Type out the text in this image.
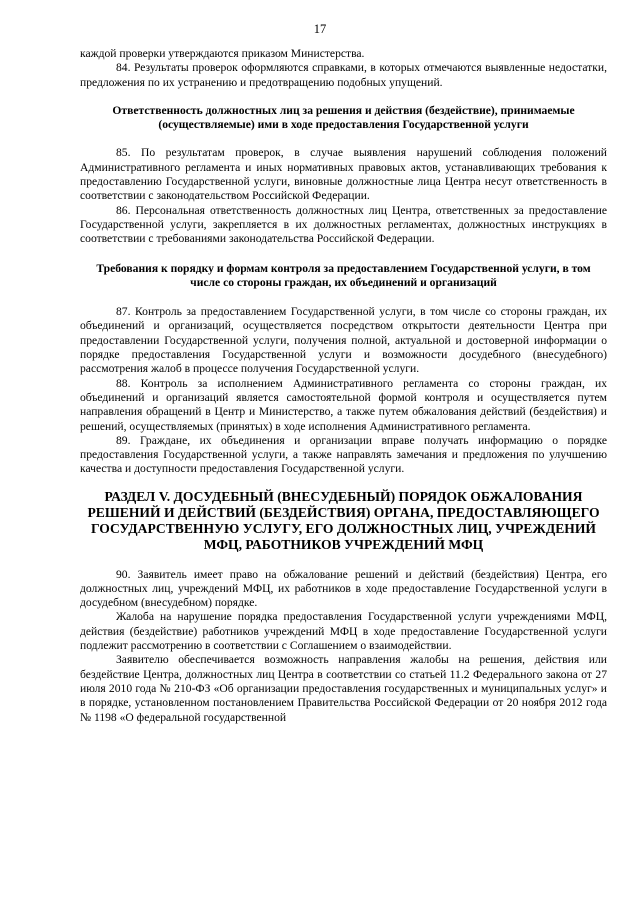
17

каждой проверки утверждаются приказом Министерства.

84. Результаты проверок оформляются справками, в которых отмечаются выявленные недостатки, предложения по их устранению и предотвращению подобных упущений.

Ответственность должностных лиц за решения и действия (бездействие), принимаемые (осуществляемые) ими в ходе предоставления Государственной услуги

85. По результатам проверок, в случае выявления нарушений соблюдения положений Административного регламента и иных нормативных правовых актов, устанавливающих требования к предоставлению Государственной услуги, виновные должностные лица Центра несут ответственность в соответствии с законодательством Российской Федерации.

86. Персональная ответственность должностных лиц Центра, ответственных за предоставление Государственной услуги, закрепляется в их должностных регламентах, должностных инструкциях в соответствии с требованиями законодательства Российской Федерации.

Требования к порядку и формам контроля за предоставлением Государственной услуги, в том числе со стороны граждан, их объединений и организаций

87. Контроль за предоставлением Государственной услуги, в том числе со стороны граждан, их объединений и организаций, осуществляется посредством открытости деятельности Центра при предоставлении Государственной услуги, получения полной, актуальной и достоверной информации о порядке предоставления Государственной услуги и возможности досудебного (внесудебного) рассмотрения жалоб в процессе получения Государственной услуги.

88. Контроль за исполнением Административного регламента со стороны граждан, их объединений и организаций является самостоятельной формой контроля и осуществляется путем направления обращений в Центр и Министерство, а также путем обжалования действий (бездействия) и решений, осуществляемых (принятых) в ходе исполнения Административного регламента.

89. Граждане, их объединения и организации вправе получать информацию о порядке предоставления Государственной услуги, а также направлять замечания и предложения по улучшению качества и доступности предоставления Государственной услуги.

РАЗДЕЛ V. ДОСУДЕБНЫЙ (ВНЕСУДЕБНЫЙ) ПОРЯДОК ОБЖАЛОВАНИЯ
РЕШЕНИЙ И ДЕЙСТВИЙ (БЕЗДЕЙСТВИЯ) ОРГАНА, ПРЕДОСТАВЛЯЮЩЕГО
ГОСУДАРСТВЕННУЮ УСЛУГУ, ЕГО ДОЛЖНОСТНЫХ ЛИЦ, УЧРЕЖДЕНИЙ
МФЦ, РАБОТНИКОВ УЧРЕЖДЕНИЙ МФЦ

90. Заявитель имеет право на обжалование решений и действий (бездействия) Центра, его должностных лиц, учреждений МФЦ, их работников в ходе предоставление Государственной услуги в досудебном (внесудебном) порядке.

Жалоба на нарушение порядка предоставления Государственной услуги учреждениями МФЦ, действия (бездействие) работников учреждений МФЦ в ходе предоставление Государственной услуги подлежит рассмотрению в соответствии с Соглашением о взаимодействии.

Заявителю обеспечивается возможность направления жалобы на решения, действия или бездействие Центра, должностных лиц Центра в соответствии со статьей 11.2 Федерального закона от 27 июля 2010 года № 210-ФЗ «Об организации предоставления государственных и муниципальных услуг» и в порядке, установленном постановлением Правительства Российской Федерации от 20 ноября 2012 года № 1198 «О федеральной государственной
